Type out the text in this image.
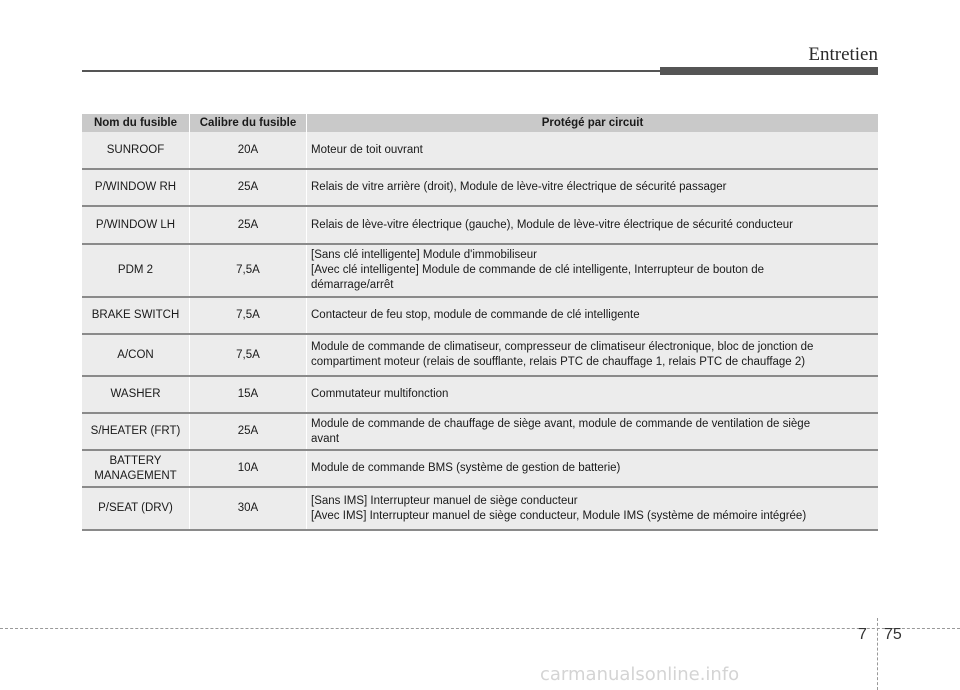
Entretien
Nom du fusible	Calibre du fusible	Protégé par circuit

SUNROOF	20A	Moteur de toit ouvrant

P/WINDOW RH	25A	Relais de vitre arrière (droit), Module de lève-vitre électrique de sécurité passager

P/WINDOW LH	25A	Relais de lève-vitre électrique (gauche), Module de lève-vitre électrique de sécurité conducteur

PDM 2	7,5A	[Sans clé intelligente] Module d'immobiliseur
[Avec clé intelligente] Module de commande de clé intelligente, Interrupteur de bouton de
démarrage/arrêt

BRAKE SWITCH	7,5A	Contacteur de feu stop, module de commande de clé intelligente

A/CON	7,5A	Module de commande de climatiseur, compresseur de climatiseur électronique, bloc de jonction de
compartiment moteur (relais de soufflante, relais PTC de chauffage 1, relais PTC de chauffage 2)

WASHER	15A	Commutateur multifonction

S/HEATER (FRT)	25A	Module de commande de chauffage de siège avant, module de commande de ventilation de siège
avant

BATTERY
MANAGEMENT	10A	Module de commande BMS (système de gestion de batterie)

P/SEAT (DRV)	30A	[Sans IMS] Interrupteur manuel de siège conducteur
[Avec IMS] Interrupteur manuel de siège conducteur, Module IMS (système de mémoire intégrée)
7 75
carmanualsonline.info
